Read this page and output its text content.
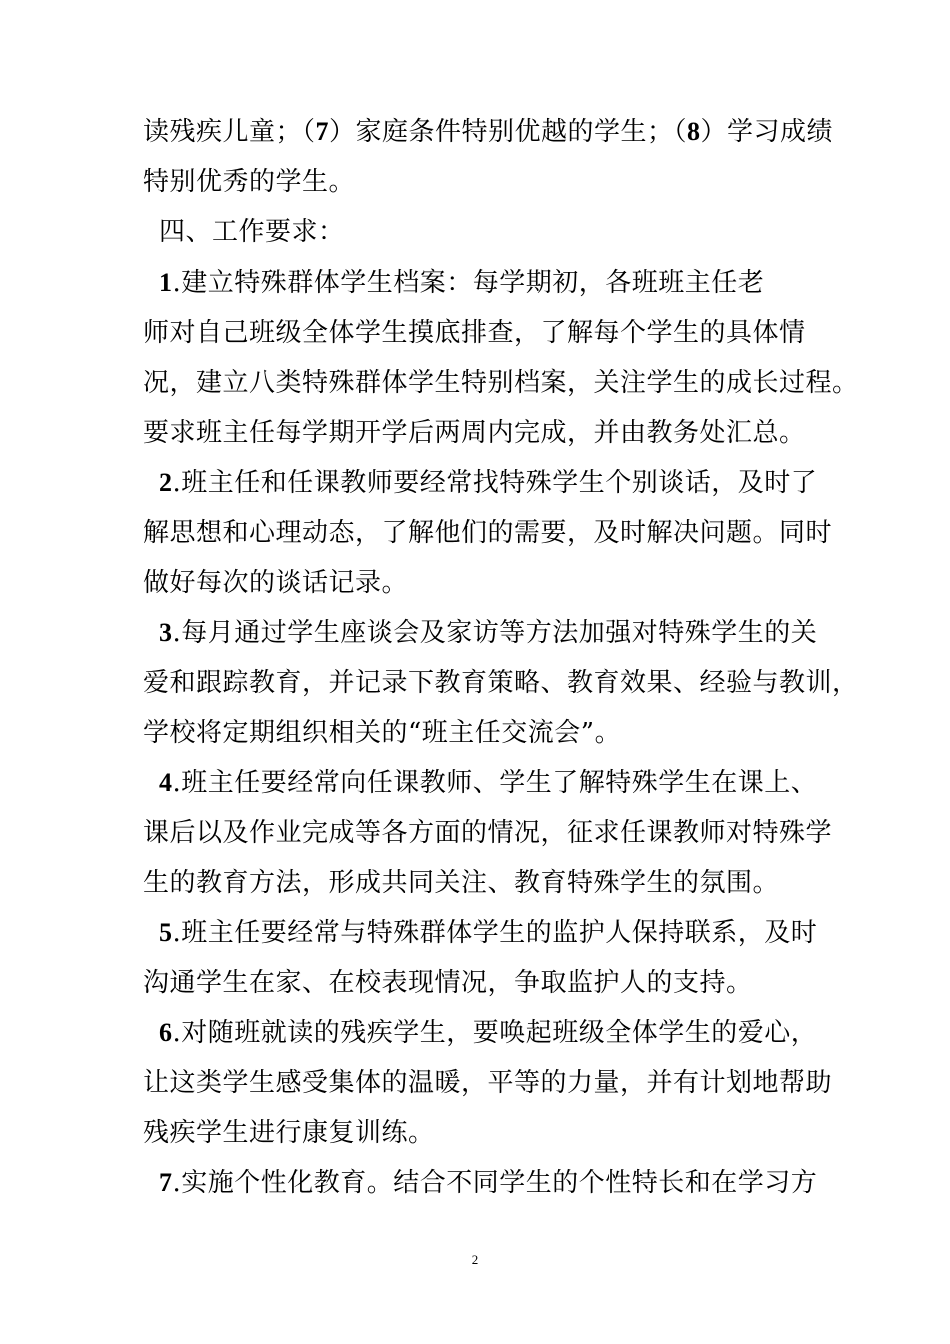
读残疾儿童；（7）家庭条件特别优越的学生；（8）学习成绩
特别优秀的学生。
四、工作要求：
1.建立特殊群体学生档案：每学期初，各班班主任老
师对自己班级全体学生摸底排查，了解每个学生的具体情
况，建立八类特殊群体学生特别档案，关注学生的成长过程。
要求班主任每学期开学后两周内完成，并由教务处汇总。
2.班主任和任课教师要经常找特殊学生个别谈话，及时了
解思想和心理动态，了解他们的需要，及时解决问题。同时
做好每次的谈话记录。
3.每月通过学生座谈会及家访等方法加强对特殊学生的关
爱和跟踪教育，并记录下教育策略、教育效果、经验与教训，
学校将定期组织相关的“班主任交流会”。
4.班主任要经常向任课教师、学生了解特殊学生在课上、
课后以及作业完成等各方面的情况，征求任课教师对特殊学
生的教育方法，形成共同关注、教育特殊学生的氛围。
5.班主任要经常与特殊群体学生的监护人保持联系，及时
沟通学生在家、在校表现情况，争取监护人的支持。
6.对随班就读的残疾学生，要唤起班级全体学生的爱心，
让这类学生感受集体的温暖，平等的力量，并有计划地帮助
残疾学生进行康复训练。
7.实施个性化教育。结合不同学生的个性特长和在学习方
2
